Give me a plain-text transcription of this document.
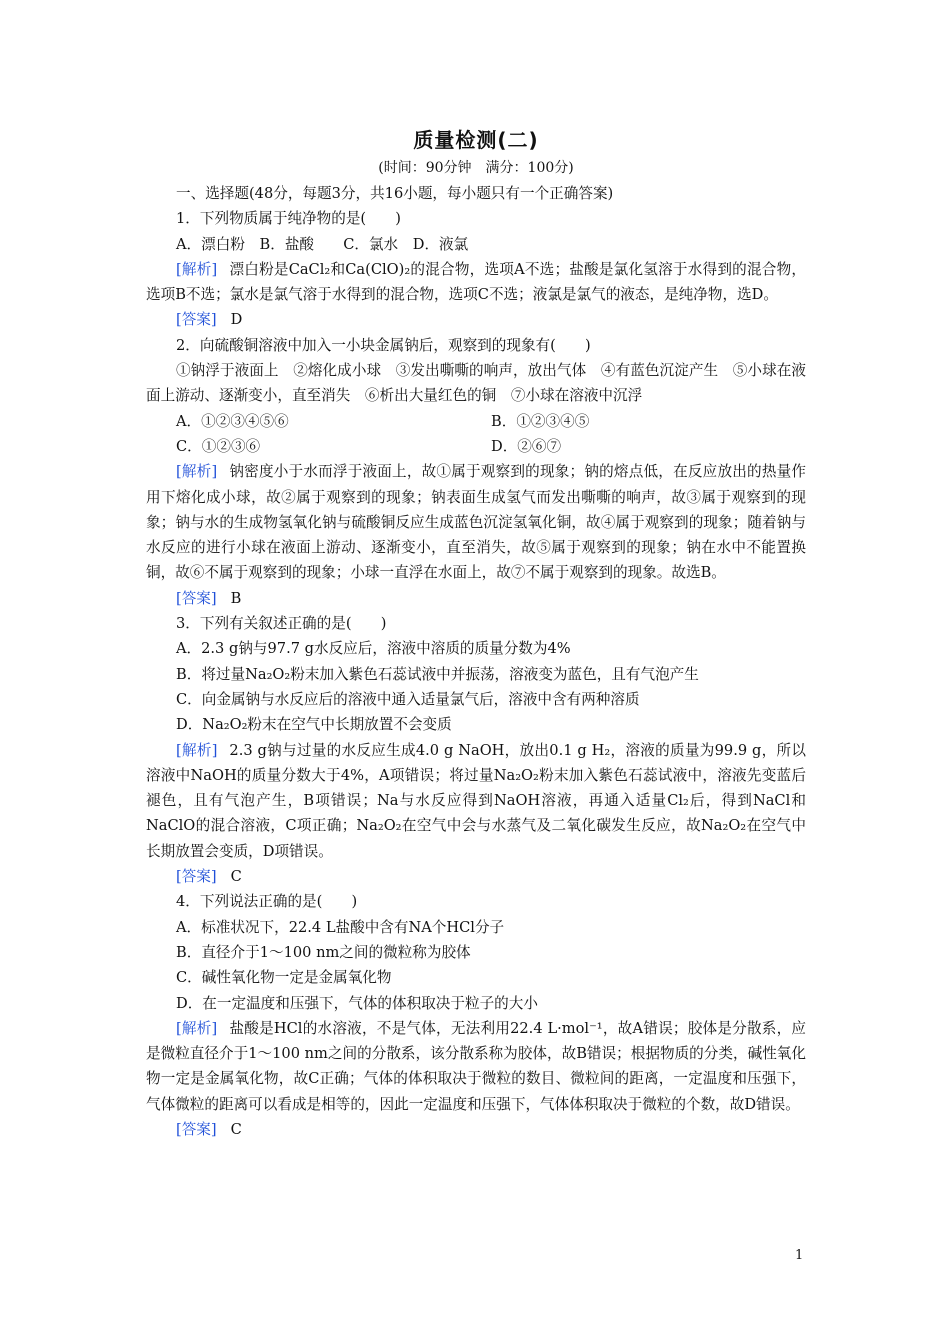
质量检测(二)
(时间：90分钟　满分：100分)

一、选择题(48分，每题3分，共16小题，每小题只有一个正确答案)

1．下列物质属于纯净物的是(　　)

A．漂白粉　B．盐酸　　C．氯水　D．液氯

[解析] 漂白粉是CaCl₂和Ca(ClO)₂的混合物，选项A不选；盐酸是氯化氢溶于水得到的混合物，选项B不选；氯水是氯气溶于水得到的混合物，选项C不选；液氯是氯气的液态，是纯净物，选D。

[答案] D

2．向硫酸铜溶液中加入一小块金属钠后，观察到的现象有(　　)

①钠浮于液面上　②熔化成小球　③发出嘶嘶的响声，放出气体　④有蓝色沉淀产生　⑤小球在液面上游动、逐渐变小，直至消失　⑥析出大量红色的铜　⑦小球在溶液中沉浮

A．①②③④⑤⑥	B．①②③④⑤
C．①②③⑥	D．②⑥⑦

[解析] 钠密度小于水而浮于液面上，故①属于观察到的现象；钠的熔点低，在反应放出的热量作用下熔化成小球，故②属于观察到的现象；钠表面生成氢气而发出嘶嘶的响声，故③属于观察到的现象；钠与水的生成物氢氧化钠与硫酸铜反应生成蓝色沉淀氢氧化铜，故④属于观察到的现象；随着钠与水反应的进行小球在液面上游动、逐渐变小，直至消失，故⑤属于观察到的现象；钠在水中不能置换铜，故⑥不属于观察到的现象；小球一直浮在水面上，故⑦不属于观察到的现象。故选B。

[答案] B

3．下列有关叙述正确的是(　　)

A．2.3 g钠与97.7 g水反应后，溶液中溶质的质量分数为4%

B．将过量Na₂O₂粉末加入紫色石蕊试液中并振荡，溶液变为蓝色，且有气泡产生

C．向金属钠与水反应后的溶液中通入适量氯气后，溶液中含有两种溶质

D．Na₂O₂粉末在空气中长期放置不会变质

[解析] 2.3 g钠与过量的水反应生成4.0 g NaOH，放出0.1 g H₂，溶液的质量为99.9 g，所以溶液中NaOH的质量分数大于4%，A项错误；将过量Na₂O₂粉末加入紫色石蕊试液中，溶液先变蓝后褪色，且有气泡产生，B项错误；Na与水反应得到NaOH溶液，再通入适量Cl₂后，得到NaCl和NaClO的混合溶液，C项正确；Na₂O₂在空气中会与水蒸气及二氧化碳发生反应，故Na₂O₂在空气中长期放置会变质，D项错误。

[答案] C

4．下列说法正确的是(　　)

A．标准状况下，22.4 L盐酸中含有NA个HCl分子

B．直径介于1～100 nm之间的微粒称为胶体

C．碱性氧化物一定是金属氧化物

D．在一定温度和压强下，气体的体积取决于粒子的大小

[解析] 盐酸是HCl的水溶液，不是气体，无法利用22.4 L·mol⁻¹，故A错误；胶体是分散系，应是微粒直径介于1～100 nm之间的分散系，该分散系称为胶体，故B错误；根据物质的分类，碱性氧化物一定是金属氧化物，故C正确；气体的体积取决于微粒的数目、微粒间的距离，一定温度和压强下，气体微粒的距离可以看成是相等的，因此一定温度和压强下，气体体积取决于微粒的个数，故D错误。

[答案] C

1
